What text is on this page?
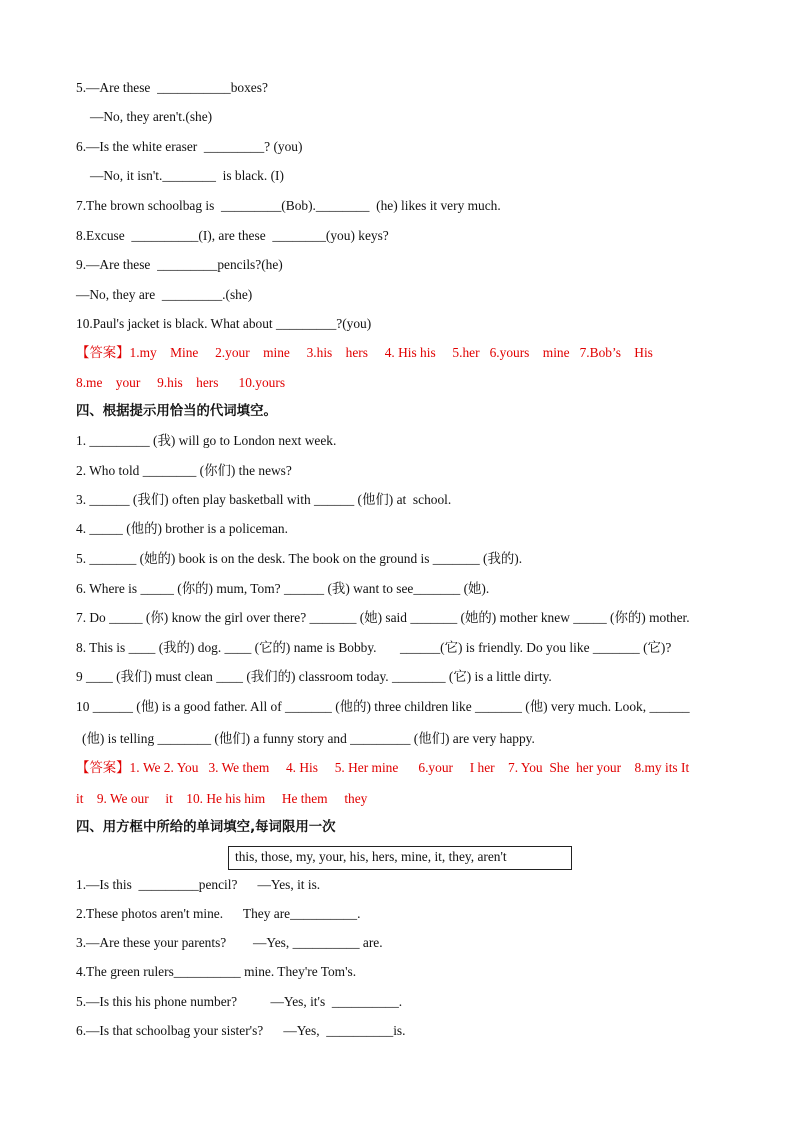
5.—Are these  ___________boxes?
—No, they aren't.(she)
6.—Is the white eraser  _________? (you)
—No, it isn't.________  is black. (I)
7.The brown schoolbag is  _________(Bob).________  (he) likes it very much.
8.Excuse  __________(I), are these  ________(you) keys?
9.—Are these  _________pencils?(he)
—No, they are  _________.(she)
10.Paul's jacket is black. What about _________?(you)
【答案】1.my    Mine     2.your    mine     3.his    hers     4. His his     5.her   6.yours    mine   7.Bob’s    His
8.me    your     9.his    hers      10.yours
四、根据提示用恰当的代词填空。
1. _________ (我) will go to London next week.
2. Who told ________ (你们) the news?
3. ______ (我们) often play basketball with ______ (他们) at  school.
4. _____ (他的) brother is a policeman.
5. _______ (她的) book is on the desk. The book on the ground is _______ (我的).
6. Where is _____ (你的) mum, Tom? ______ (我) want to see_______ (她).
7. Do _____ (你) know the girl over there? _______ (她) said _______ (她的) mother knew _____ (你的) mother.
8. This is ____ (我的) dog. ____ (它的) name is Bobby.       ______(它) is friendly. Do you like _______ (它)?
9 ____ (我们) must clean ____ (我们的) classroom today. ________ (它) is a little dirty.
10 ______ (他) is a good father. All of _______ (他的) three children like _______ (他) very much. Look, ______
(他) is telling ________ (他们) a funny story and _________ (他们) are very happy.
【答案】1. We 2. You   3. We them     4. His     5. Her mine      6.your     I her    7. You  She  her your    8.my its It
it    9. We our     it    10. He his him     He them     they
四、用方框中所给的单词填空,每词限用一次
this, those, my, your, his, hers, mine, it, they, aren't
1.—Is this  _________pencil?      —Yes, it is.
2.These photos aren't mine.      They are__________.
3.—Are these your parents?        —Yes, __________ are.
4.The green rulers__________ mine. They're Tom's.
5.—Is this his phone number?          —Yes, it's  __________.
6.—Is that schoolbag your sister's?      —Yes,  __________is.
